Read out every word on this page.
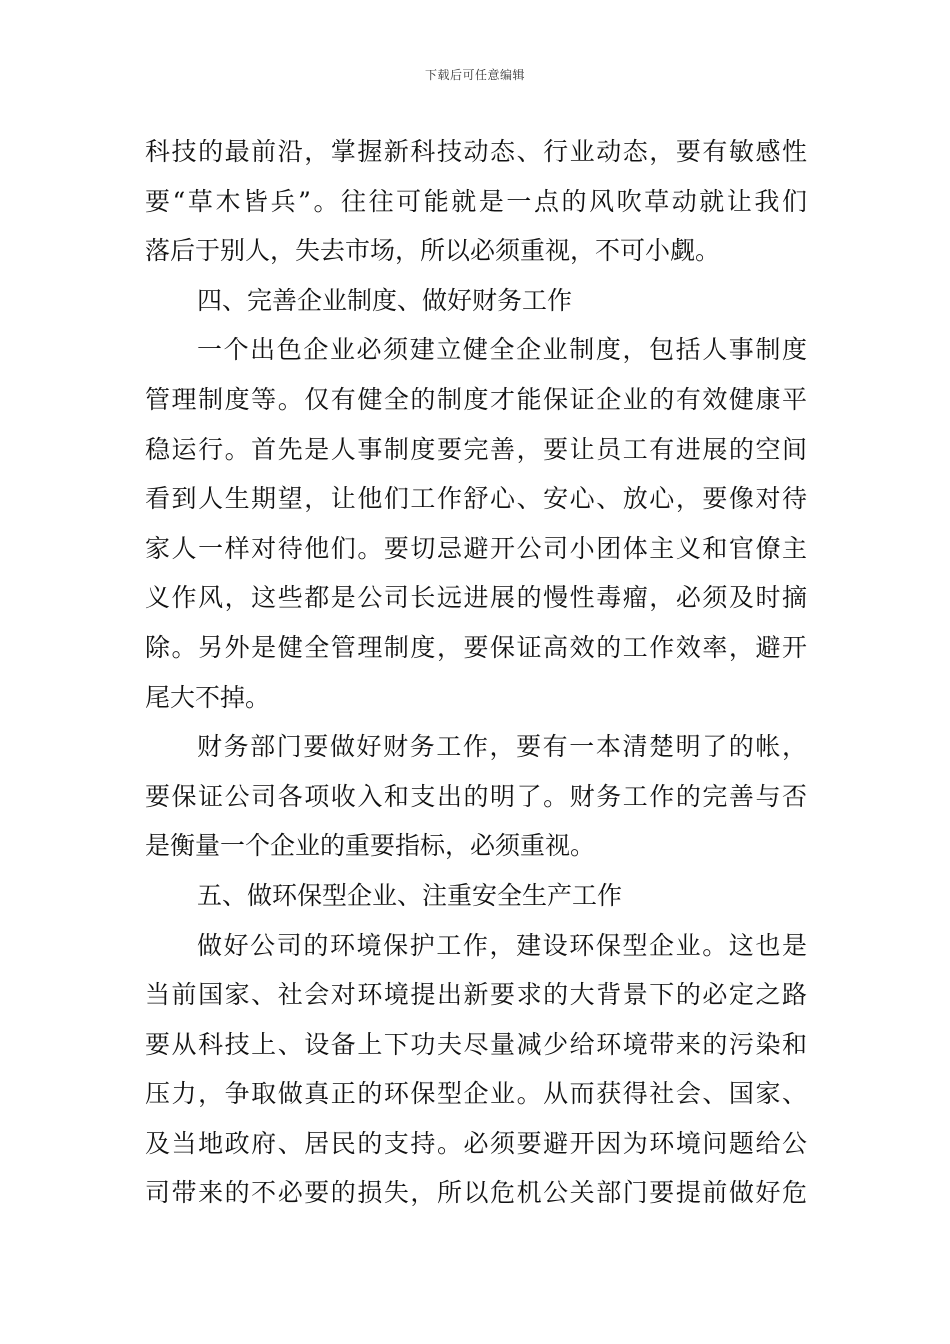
下载后可任意编辑
科技的最前沿，掌握新科技动态、行业动态，要有敏感性
要“草木皆兵”。往往可能就是一点的风吹草动就让我们
落后于别人，失去市场，所以必须重视，不可小觑。
四、完善企业制度、做好财务工作
一个出色企业必须建立健全企业制度，包括人事制度
管理制度等。仅有健全的制度才能保证企业的有效健康平
稳运行。首先是人事制度要完善，要让员工有进展的空间
看到人生期望，让他们工作舒心、安心、放心，要像对待
家人一样对待他们。要切忌避开公司小团体主义和官僚主
义作风，这些都是公司长远进展的慢性毒瘤，必须及时摘
除。另外是健全管理制度，要保证高效的工作效率，避开
尾大不掉。
财务部门要做好财务工作，要有一本清楚明了的帐，
要保证公司各项收入和支出的明了。财务工作的完善与否
是衡量一个企业的重要指标，必须重视。
五、做环保型企业、注重安全生产工作
做好公司的环境保护工作，建设环保型企业。这也是
当前国家、社会对环境提出新要求的大背景下的必定之路
要从科技上、设备上下功夫尽量减少给环境带来的污染和
压力，争取做真正的环保型企业。从而获得社会、国家、
及当地政府、居民的支持。必须要避开因为环境问题给公
司带来的不必要的损失，所以危机公关部门要提前做好危
